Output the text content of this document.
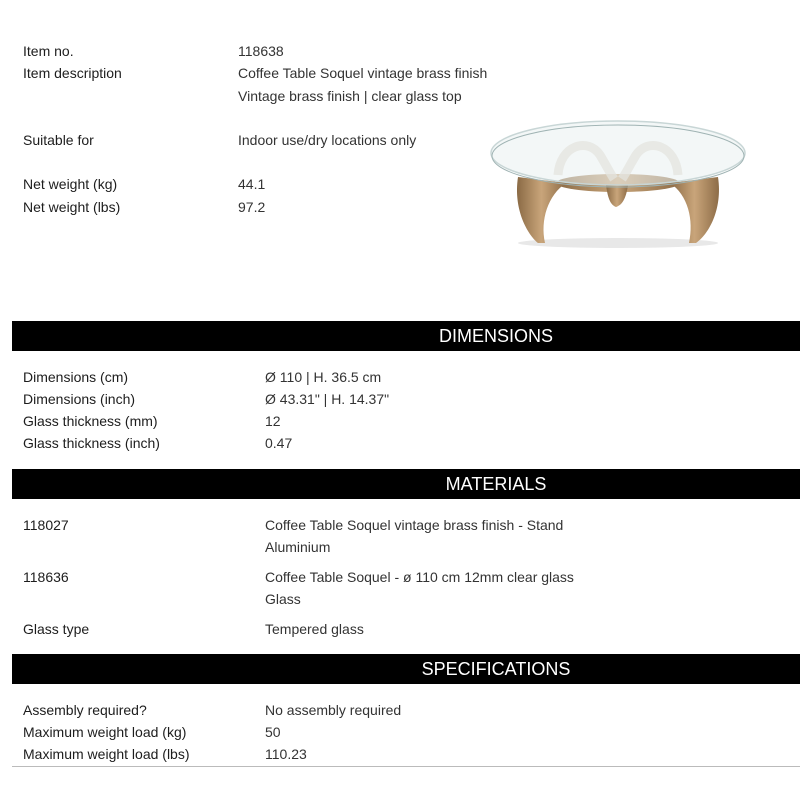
Item no.	118638
Item description	Coffee Table Soquel vintage brass finish
Vintage brass finish | clear glass top
Suitable for	Indoor use/dry locations only
Net weight (kg)	44.1
Net weight (lbs)	97.2
DIMENSIONS
Dimensions (cm)	Ø 110 | H. 36.5 cm
Dimensions (inch)	Ø 43.31" | H. 14.37"
Glass thickness (mm)	12
Glass thickness (inch)	0.47
MATERIALS
118027	Coffee Table Soquel vintage brass finish - Stand
Aluminium
118636	Coffee Table Soquel - ø 110 cm 12mm clear glass
Glass
Glass type	Tempered glass
SPECIFICATIONS
Assembly required?	No assembly required
Maximum weight load (kg)	50
Maximum weight load (lbs)	110.23
